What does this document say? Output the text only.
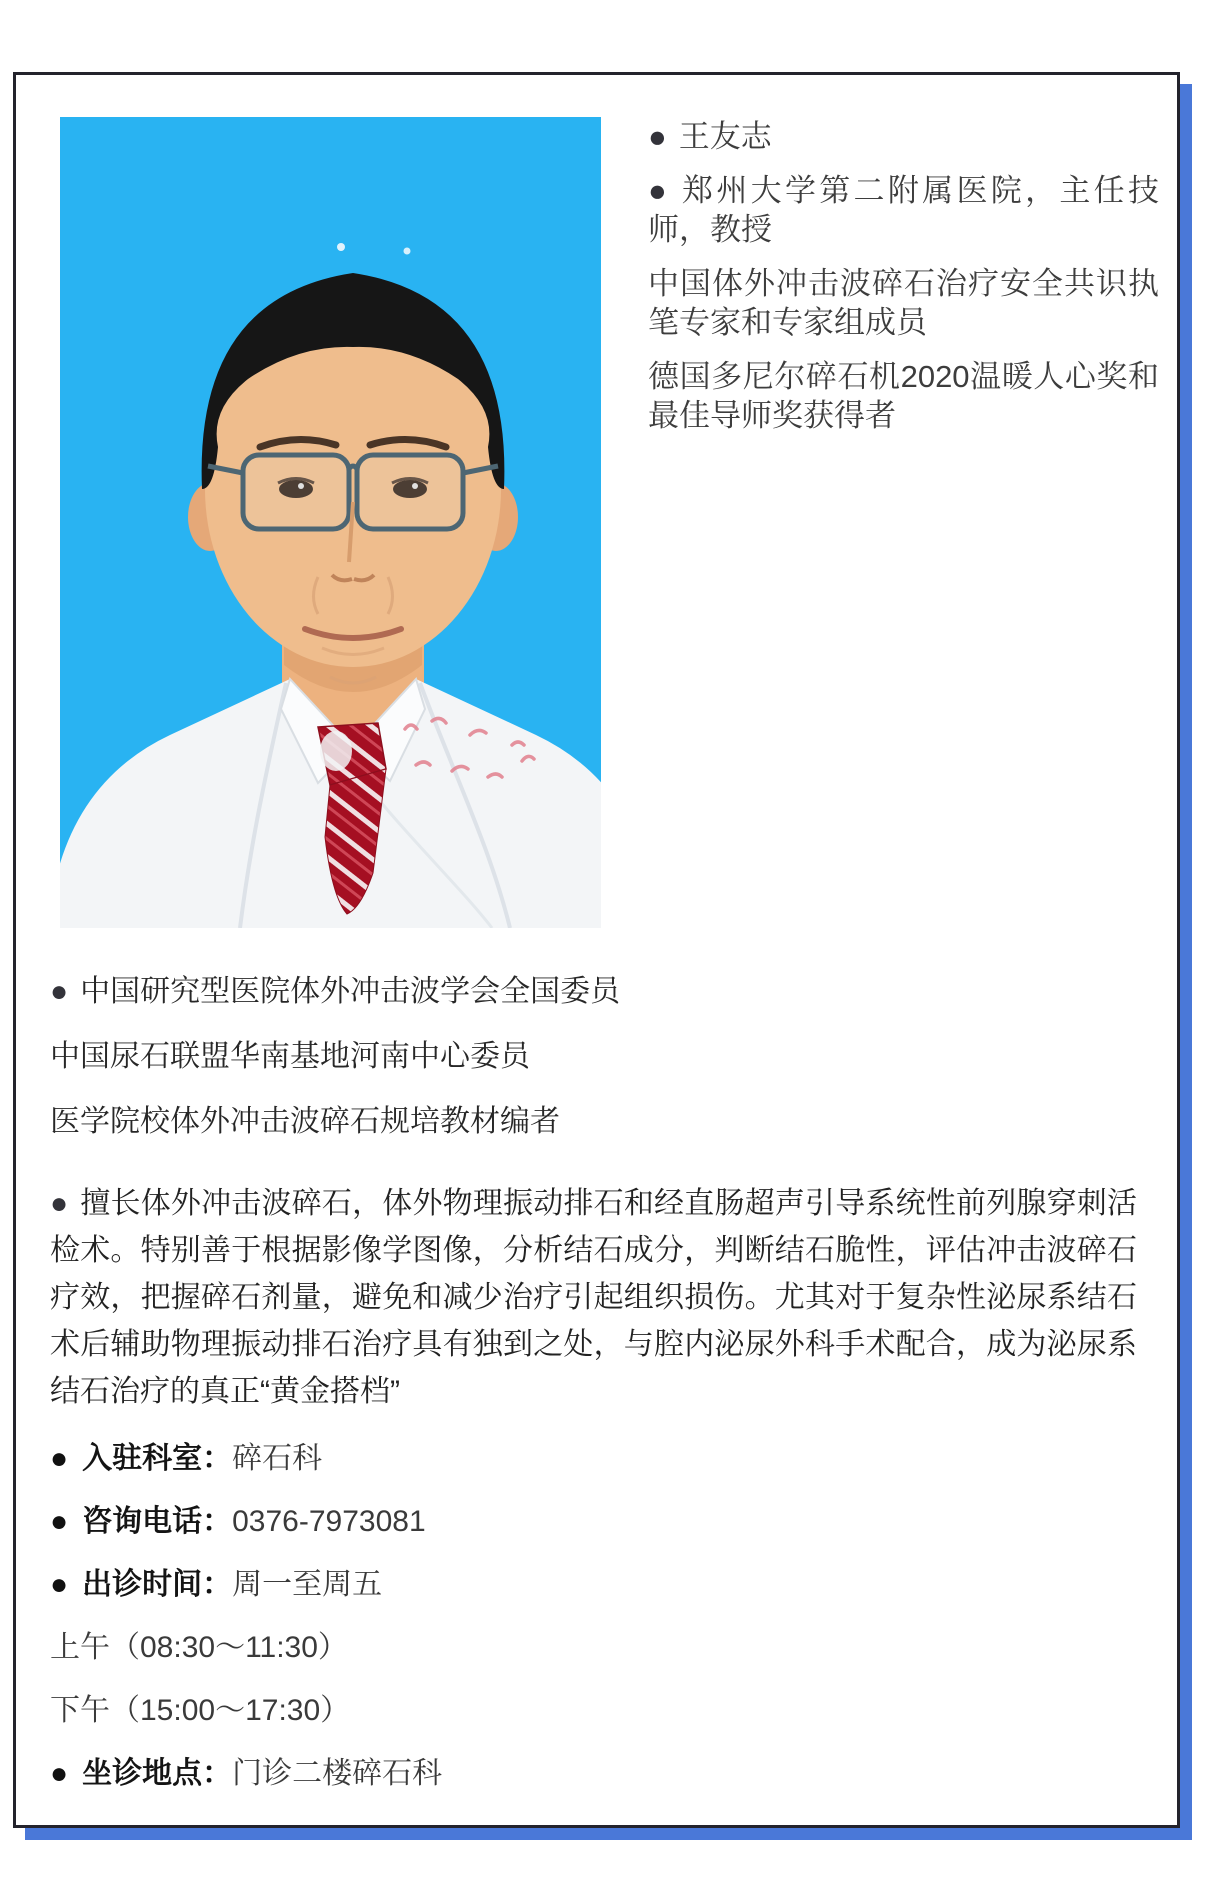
● 王友志

● 郑州大学第二附属医院，主任技师，教授

中国体外冲击波碎石治疗安全共识执笔专家和专家组成员

德国多尼尔碎石机2020温暖人心奖和最佳导师奖获得者

● 中国研究型医院体外冲击波学会全国委员

中国尿石联盟华南基地河南中心委员

医学院校体外冲击波碎石规培教材编者

● 擅长体外冲击波碎石，体外物理振动排石和经直肠超声引导系统性前列腺穿刺活检术。特别善于根据影像学图像，分析结石成分，判断结石脆性，评估冲击波碎石疗效，把握碎石剂量，避免和减少治疗引起组织损伤。尤其对于复杂性泌尿系结石术后辅助物理振动排石治疗具有独到之处，与腔内泌尿外科手术配合，成为泌尿系结石治疗的真正“黄金搭档”

● 入驻科室：碎石科

● 咨询电话：0376-7973081

● 出诊时间：周一至周五

上午（08:30～11:30）

下午（15:00～17:30）

● 坐诊地点：门诊二楼碎石科
